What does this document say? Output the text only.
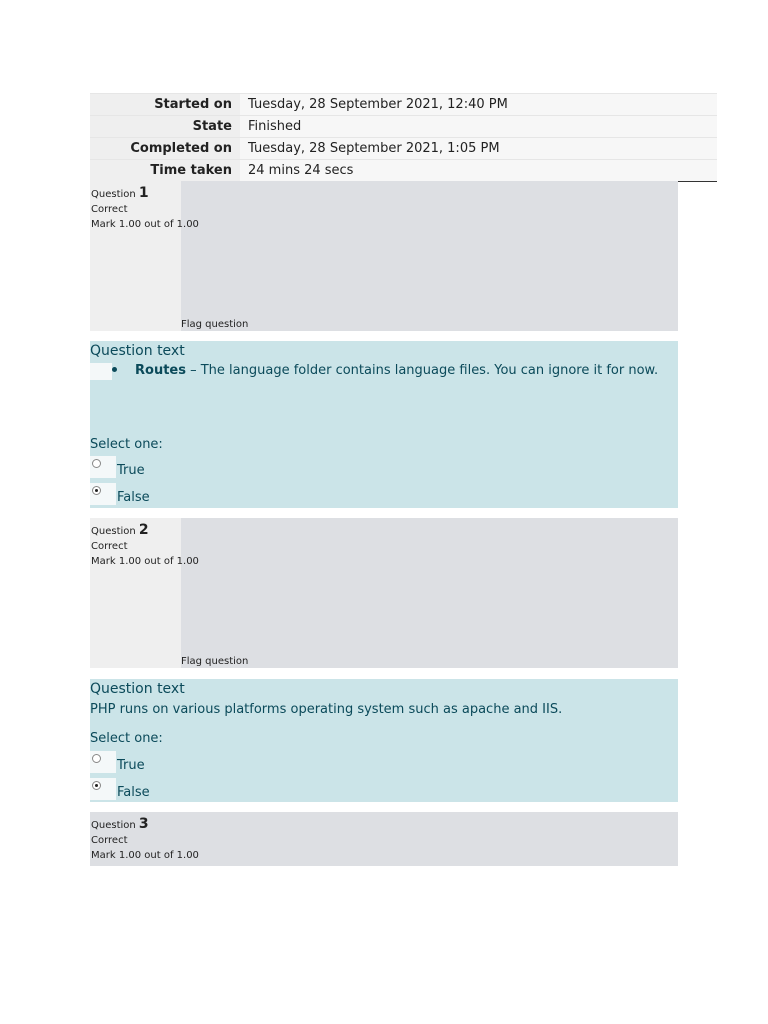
Started on	Tuesday, 28 September 2021, 12:40 PM
State	Finished
Completed on	Tuesday, 28 September 2021, 1:05 PM
Time taken	24 mins 24 secs
Question 1
Correct
Mark 1.00 out of 1.00
Flag question
Question text
Routes – The language folder contains language files. You can ignore it for now.
Select one:
True
False
Question 2
Correct
Mark 1.00 out of 1.00
Flag question
Question text
PHP runs on various platforms operating system such as apache and IIS.
Select one:
True
False
Question 3
Correct
Mark 1.00 out of 1.00
